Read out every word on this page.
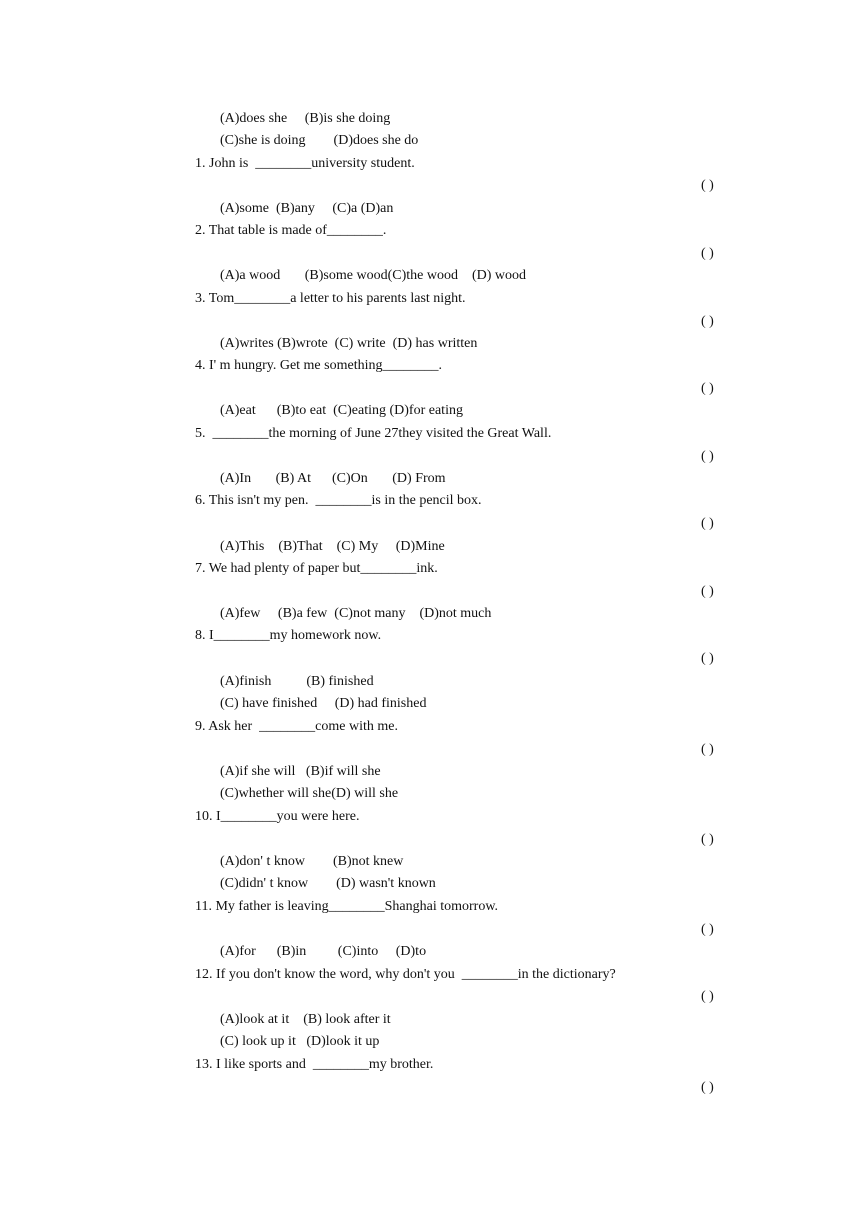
(A)does she     (B)is she doing
(C)she is doing        (D)does she do
1. John is  ________university student.
( )
(A)some  (B)any     (C)a (D)an
2. That table is made of________.
( )
(A)a wood       (B)some wood(C)the wood    (D) wood
3. Tom________a letter to his parents last night.
( )
(A)writes (B)wrote  (C) write  (D) has written
4. I' m hungry. Get me something________.
( )
(A)eat      (B)to eat  (C)eating (D)for eating
5.  ________the morning of June 27they visited the Great Wall.
( )
(A)In       (B) At      (C)On       (D) From
6. This isn't my pen.  ________is in the pencil box.
( )
(A)This    (B)That    (C) My     (D)Mine
7. We had plenty of paper but________ink.
( )
(A)few     (B)a few  (C)not many    (D)not much
8. I________my homework now.
( )
(A)finish          (B) finished
(C) have finished     (D) had finished
9. Ask her  ________come with me.
( )
(A)if she will   (B)if will she
(C)whether will she(D) will she
10. I________you were here.
( )
(A)don' t know        (B)not knew
(C)didn' t know        (D) wasn't known
11. My father is leaving________Shanghai tomorrow.
( )
(A)for      (B)in         (C)into     (D)to
12. If you don't know the word, why don't you  ________in the dictionary?
( )
(A)look at it    (B) look after it
(C) look up it   (D)look it up
13. I like sports and  ________my brother.
( )
